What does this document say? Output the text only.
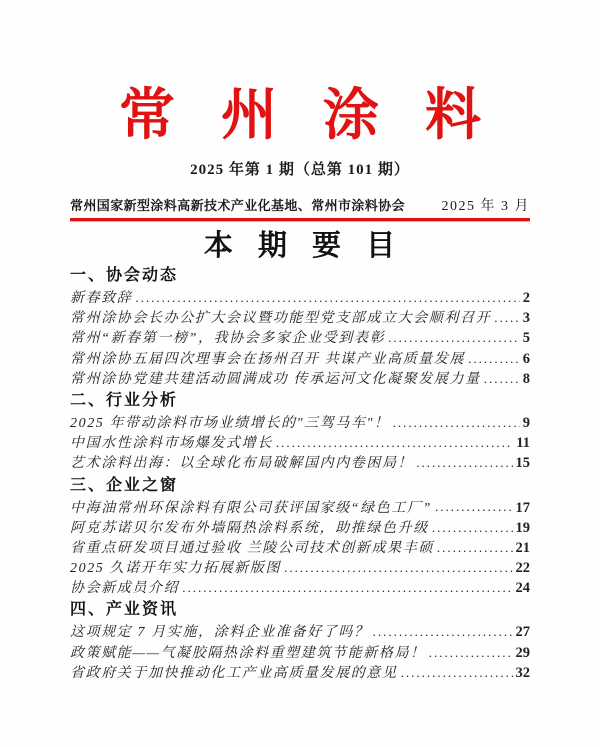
常 州 涂 料
2025 年第 1 期（总第 101 期）
常州国家新型涂料高新技术产业化基地、常州市涂料协会	2025 年 3 月
本 期 要 目
一、协会动态
新春致辞 .....	2
常州涂协会长办公扩大会议暨功能型党支部成立大会顺利召开 ..... 3
常州“新春第一榜”，我协会多家企业受到表彰 .....	5
常州涂协五届四次理事会在扬州召开 共谋产业高质量发展 .....	6
常州涂协党建共建活动圆满成功 传承运河文化凝聚发展力量 .....	8
二、行业分析
2025 年带动涂料市场业绩增长的"三驾马车"！ .....	9
中国水性涂料市场爆发式增长 .....	11
艺术涂料出海：以全球化布局破解国内内卷困局！ .....	15
三、企业之窗
中海油常州环保涂料有限公司获评国家级“绿色工厂” .....	17
阿克苏诺贝尔发布外墙隔热涂料系统，助推绿色升级 .....	19
省重点研发项目通过验收 兰陵公司技术创新成果丰硕 .....	21
2025 久诺开年实力拓展新版图 .....	22
协会新成员介绍 .....	24
四、产业资讯
这项规定 7 月实施，涂料企业准备好了吗？ .....	27
政策赋能——气凝胶隔热涂料重塑建筑节能新格局！ .....	29
省政府关于加快推动化工产业高质量发展的意见 .....	32
